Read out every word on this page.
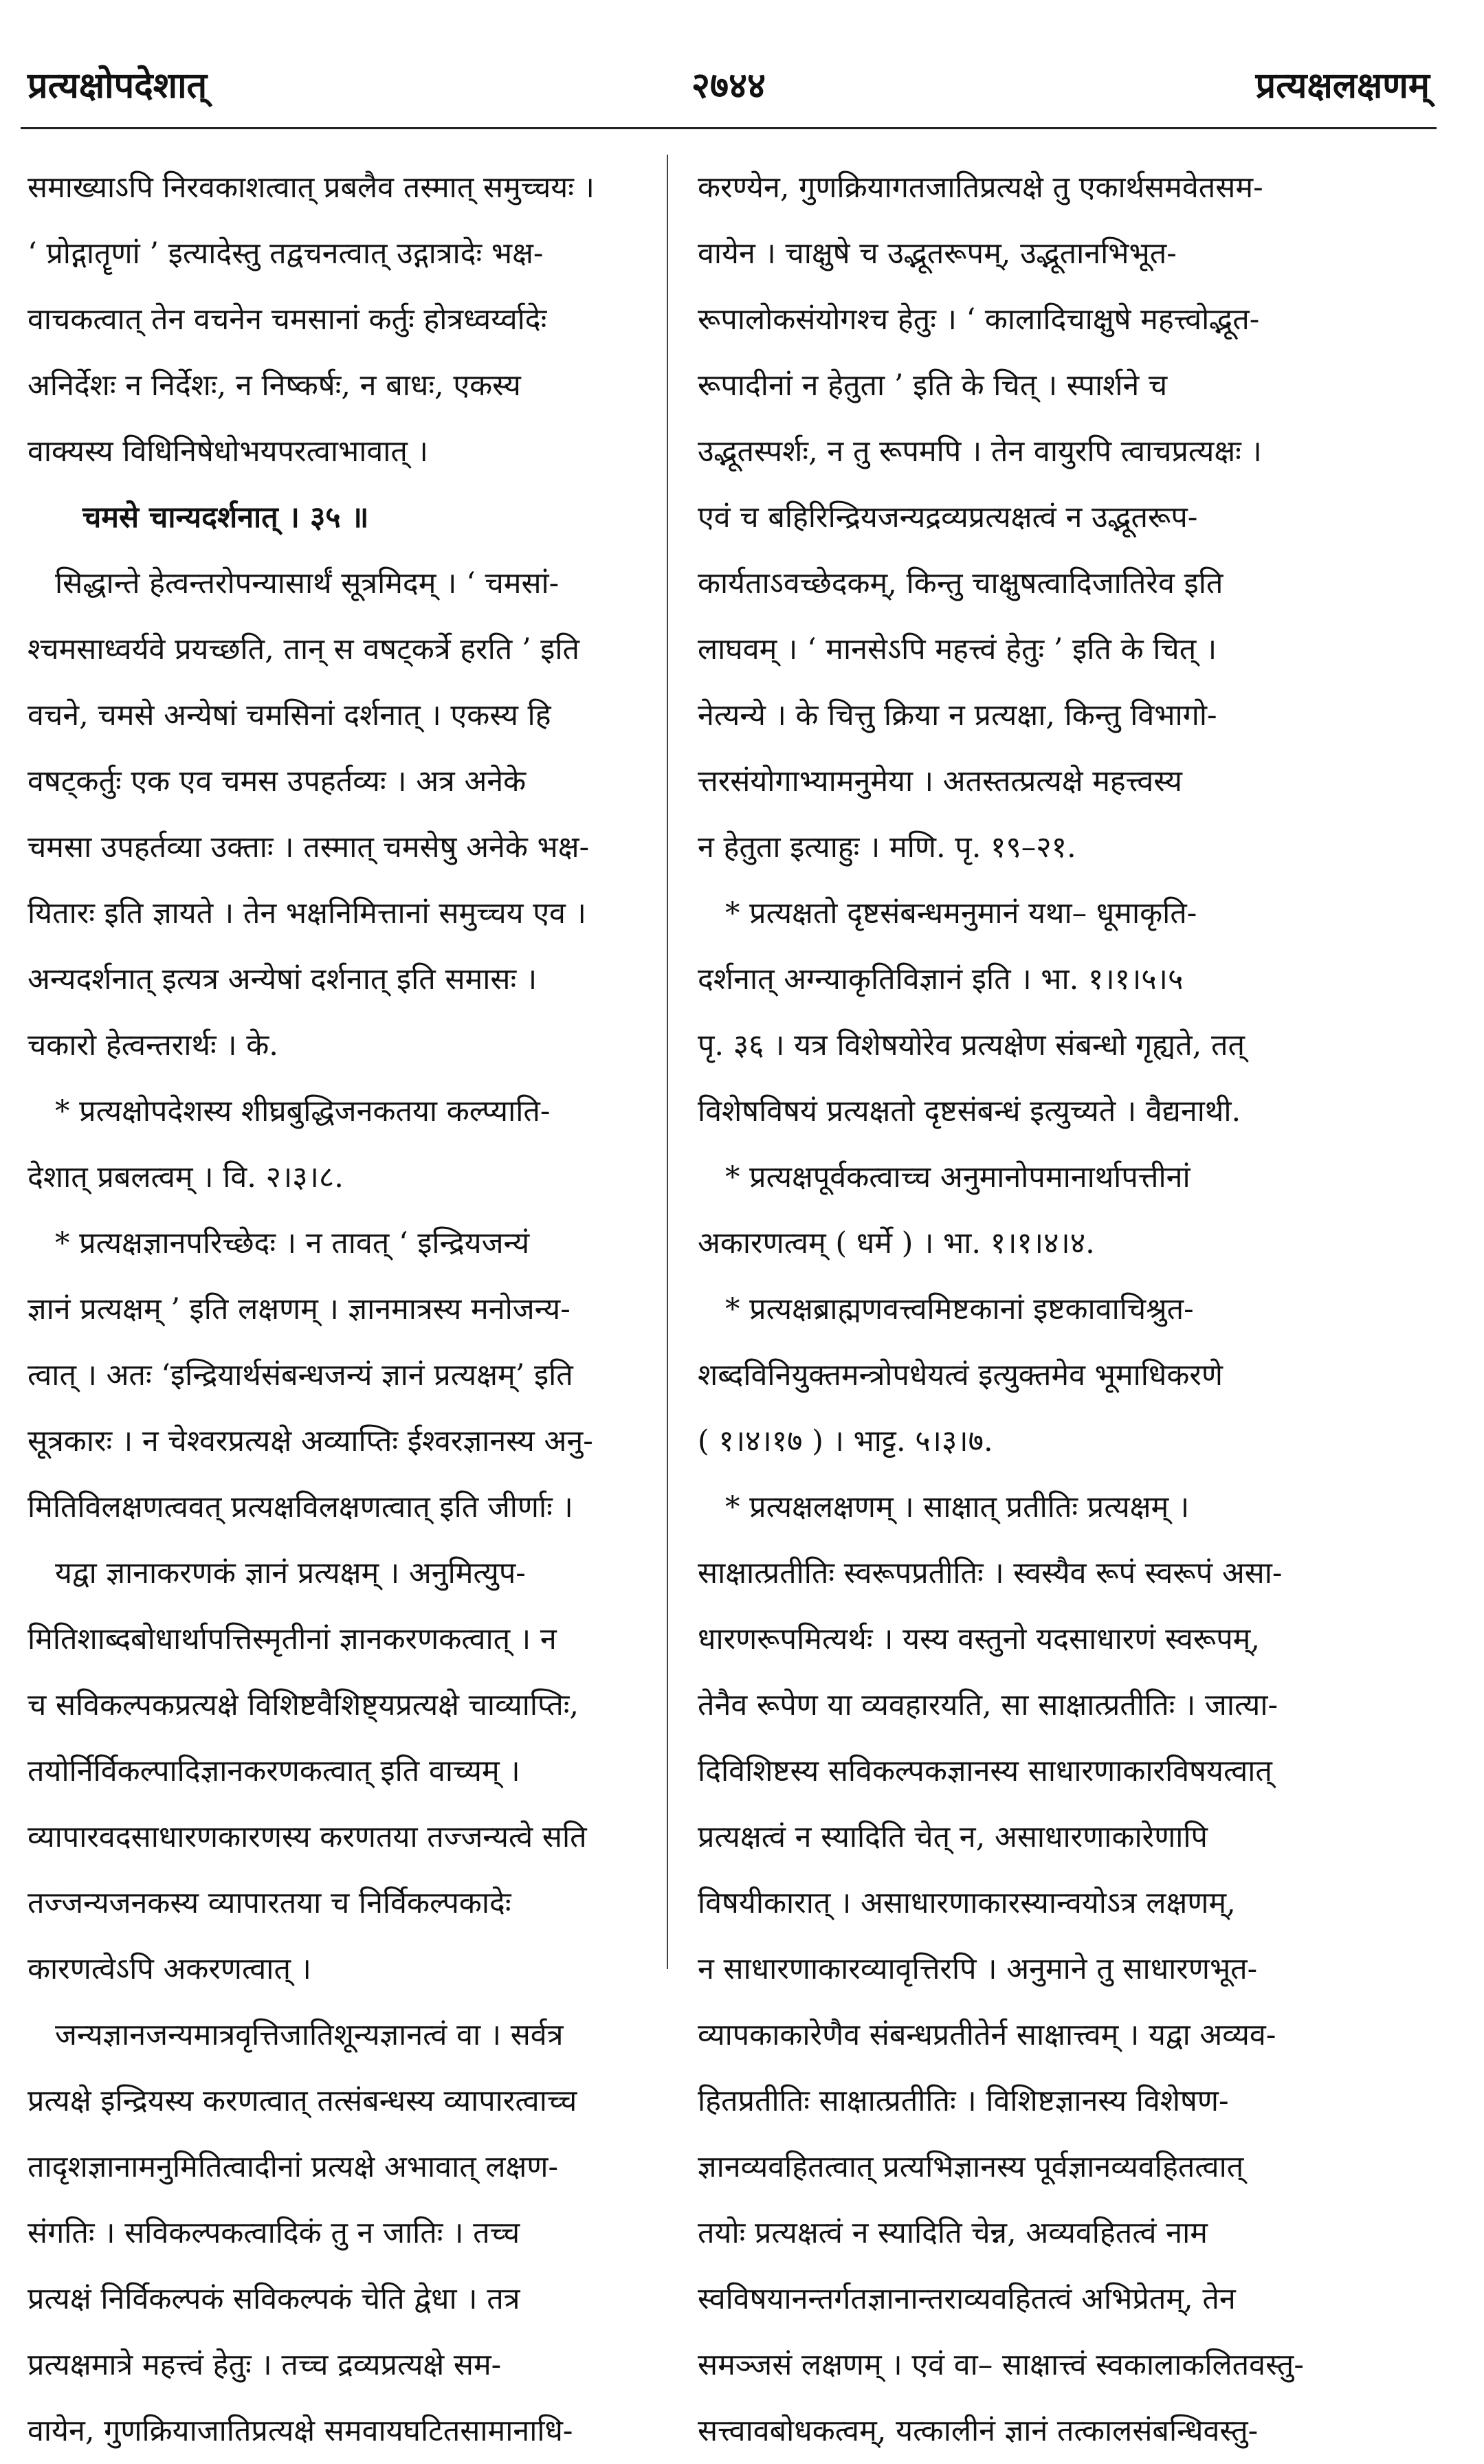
प्रत्यक्षोपदेशात्	२७४४	प्रत्यक्षलक्षणम्
समाख्याऽपि निरवकाशत्वात् प्रबलैव तस्मात् समुच्चयः ।
‘ प्रोद्गातॄणां ’ इत्यादेस्तु तद्वचनत्वात् उद्गात्रादेः भक्ष-
वाचकत्वात् तेन वचनेन चमसानां कर्तुः होत्रध्वर्य्वादेः
अनिर्देशः न निर्देशः, न निष्कर्षः, न बाधः, एकस्य
वाक्यस्य विधिनिषेधोभयपरत्वाभावात् ।
चमसे चान्यदर्शनात् । ३५ ॥
सिद्धान्ते हेत्वन्तरोपन्यासार्थं सूत्रमिदम् । ‘ चमसां-
श्चमसाध्वर्यवे प्रयच्छति, तान् स वषट्कर्त्रे हरति ’ इति
वचने, चमसे अन्येषां चमसिनां दर्शनात् । एकस्य हि
वषट्कर्तुः एक एव चमस उपहर्तव्यः । अत्र अनेके
चमसा उपहर्तव्या उक्ताः । तस्मात् चमसेषु अनेके भक्ष-
यितारः इति ज्ञायते । तेन भक्षनिमित्तानां समुच्चय एव ।
अन्यदर्शनात् इत्यत्र अन्येषां दर्शनात् इति समासः ।
चकारो हेत्वन्तरार्थः । के.
* प्रत्यक्षोपदेशस्य शीघ्रबुद्धिजनकतया कल्प्याति-
देशात् प्रबलत्वम् । वि. २।३।८.
* प्रत्यक्षज्ञानपरिच्छेदः । न तावत् ‘ इन्द्रियजन्यं
ज्ञानं प्रत्यक्षम् ’ इति लक्षणम् । ज्ञानमात्रस्य मनोजन्य-
त्वात् । अतः ‘इन्द्रियार्थसंबन्धजन्यं ज्ञानं प्रत्यक्षम्’ इति
सूत्रकारः । न चेश्वरप्रत्यक्षे अव्याप्तिः ईश्वरज्ञानस्य अनु-
मितिविलक्षणत्ववत् प्रत्यक्षविलक्षणत्वात् इति जीर्णाः ।
यद्वा ज्ञानाकरणकं ज्ञानं प्रत्यक्षम् । अनुमित्युप-
मितिशाब्दबोधार्थापत्तिस्मृतीनां ज्ञानकरणकत्वात् । न
च सविकल्पकप्रत्यक्षे विशिष्टवैशिष्ट्यप्रत्यक्षे चाव्याप्तिः,
तयोर्निर्विकल्पादिज्ञानकरणकत्वात् इति वाच्यम् ।
व्यापारवदसाधारणकारणस्य करणतया तज्जन्यत्वे सति
तज्जन्यजनकस्य व्यापारतया च निर्विकल्पकादेः
कारणत्वेऽपि अकरणत्वात् ।
जन्यज्ञानजन्यमात्रवृत्तिजातिशून्यज्ञानत्वं वा । सर्वत्र
प्रत्यक्षे इन्द्रियस्य करणत्वात् तत्संबन्धस्य व्यापारत्वाच्च
तादृशज्ञानामनुमितित्वादीनां प्रत्यक्षे अभावात् लक्षण-
संगतिः । सविकल्पकत्वादिकं तु न जातिः । तच्च
प्रत्यक्षं निर्विकल्पकं सविकल्पकं चेति द्वेधा । तत्र
प्रत्यक्षमात्रे महत्त्वं हेतुः । तच्च द्रव्यप्रत्यक्षे सम-
वायेन, गुणक्रियाजातिप्रत्यक्षे समवायघटितसामानाधि-
करण्येन, गुणक्रियागतजातिप्रत्यक्षे तु एकार्थसमवेतसम-
वायेन । चाक्षुषे च उद्भूतरूपम्, उद्भूतानभिभूत-
रूपालोकसंयोगश्च हेतुः । ‘ कालादिचाक्षुषे महत्त्वोद्भूत-
रूपादीनां न हेतुता ’ इति के चित् । स्पार्शने च
उद्भूतस्पर्शः, न तु रूपमपि । तेन वायुरपि त्वाचप्रत्यक्षः ।
एवं च बहिरिन्द्रियजन्यद्रव्यप्रत्यक्षत्वं न उद्भूतरूप-
कार्यताऽवच्छेदकम्, किन्तु चाक्षुषत्वादिजातिरेव इति
लाघवम् । ‘ मानसेऽपि महत्त्वं हेतुः ’ इति के चित् ।
नेत्यन्ये । के चित्तु क्रिया न प्रत्यक्षा, किन्तु विभागो-
त्तरसंयोगाभ्यामनुमेया । अतस्तत्प्रत्यक्षे महत्त्वस्य
न हेतुता इत्याहुः । मणि. पृ. १९–२१.
* प्रत्यक्षतो दृष्टसंबन्धमनुमानं यथा– धूमाकृति-
दर्शनात् अग्न्याकृतिविज्ञानं इति । भा. १।१।५।५
पृ. ३६ । यत्र विशेषयोरेव प्रत्यक्षेण संबन्धो गृह्यते, तत्
विशेषविषयं प्रत्यक्षतो दृष्टसंबन्धं इत्युच्यते । वैद्यनाथी.
* प्रत्यक्षपूर्वकत्वाच्च अनुमानोपमानार्थापत्तीनां
अकारणत्वम् ( धर्मे ) । भा. १।१।४।४.
* प्रत्यक्षब्राह्मणवत्त्वमिष्टकानां इष्टकावाचिश्रुत-
शब्दविनियुक्तमन्त्रोपधेयत्वं इत्युक्तमेव भूमाधिकरणे
( १।४।१७ ) । भाट्ट. ५।३।७.
* प्रत्यक्षलक्षणम् । साक्षात् प्रतीतिः प्रत्यक्षम् ।
साक्षात्प्रतीतिः स्वरूपप्रतीतिः । स्वस्यैव रूपं स्वरूपं असा-
धारणरूपमित्यर्थः । यस्य वस्तुनो यदसाधारणं स्वरूपम्,
तेनैव रूपेण या व्यवहारयति, सा साक्षात्प्रतीतिः । जात्या-
दिविशिष्टस्य सविकल्पकज्ञानस्य साधारणाकारविषयत्वात्
प्रत्यक्षत्वं न स्यादिति चेत् न, असाधारणाकारेणापि
विषयीकारात् । असाधारणाकारस्यान्वयोऽत्र लक्षणम्,
न साधारणाकारव्यावृत्तिरपि । अनुमाने तु साधारणभूत-
व्यापकाकारेणैव संबन्धप्रतीतेर्न साक्षात्त्वम् । यद्वा अव्यव-
हितप्रतीतिः साक्षात्प्रतीतिः । विशिष्टज्ञानस्य विशेषण-
ज्ञानव्यवहितत्वात् प्रत्यभिज्ञानस्य पूर्वज्ञानव्यवहितत्वात्
तयोः प्रत्यक्षत्वं न स्यादिति चेन्न, अव्यवहितत्वं नाम
स्वविषयानन्तर्गतज्ञानान्तराव्यवहितत्वं अभिप्रेतम्, तेन
समञ्जसं लक्षणम् । एवं वा– साक्षात्त्वं स्वकालाकलितवस्तु-
सत्त्वावबोधकत्वम्, यत्कालीनं ज्ञानं तत्कालसंबन्धिवस्तु-
